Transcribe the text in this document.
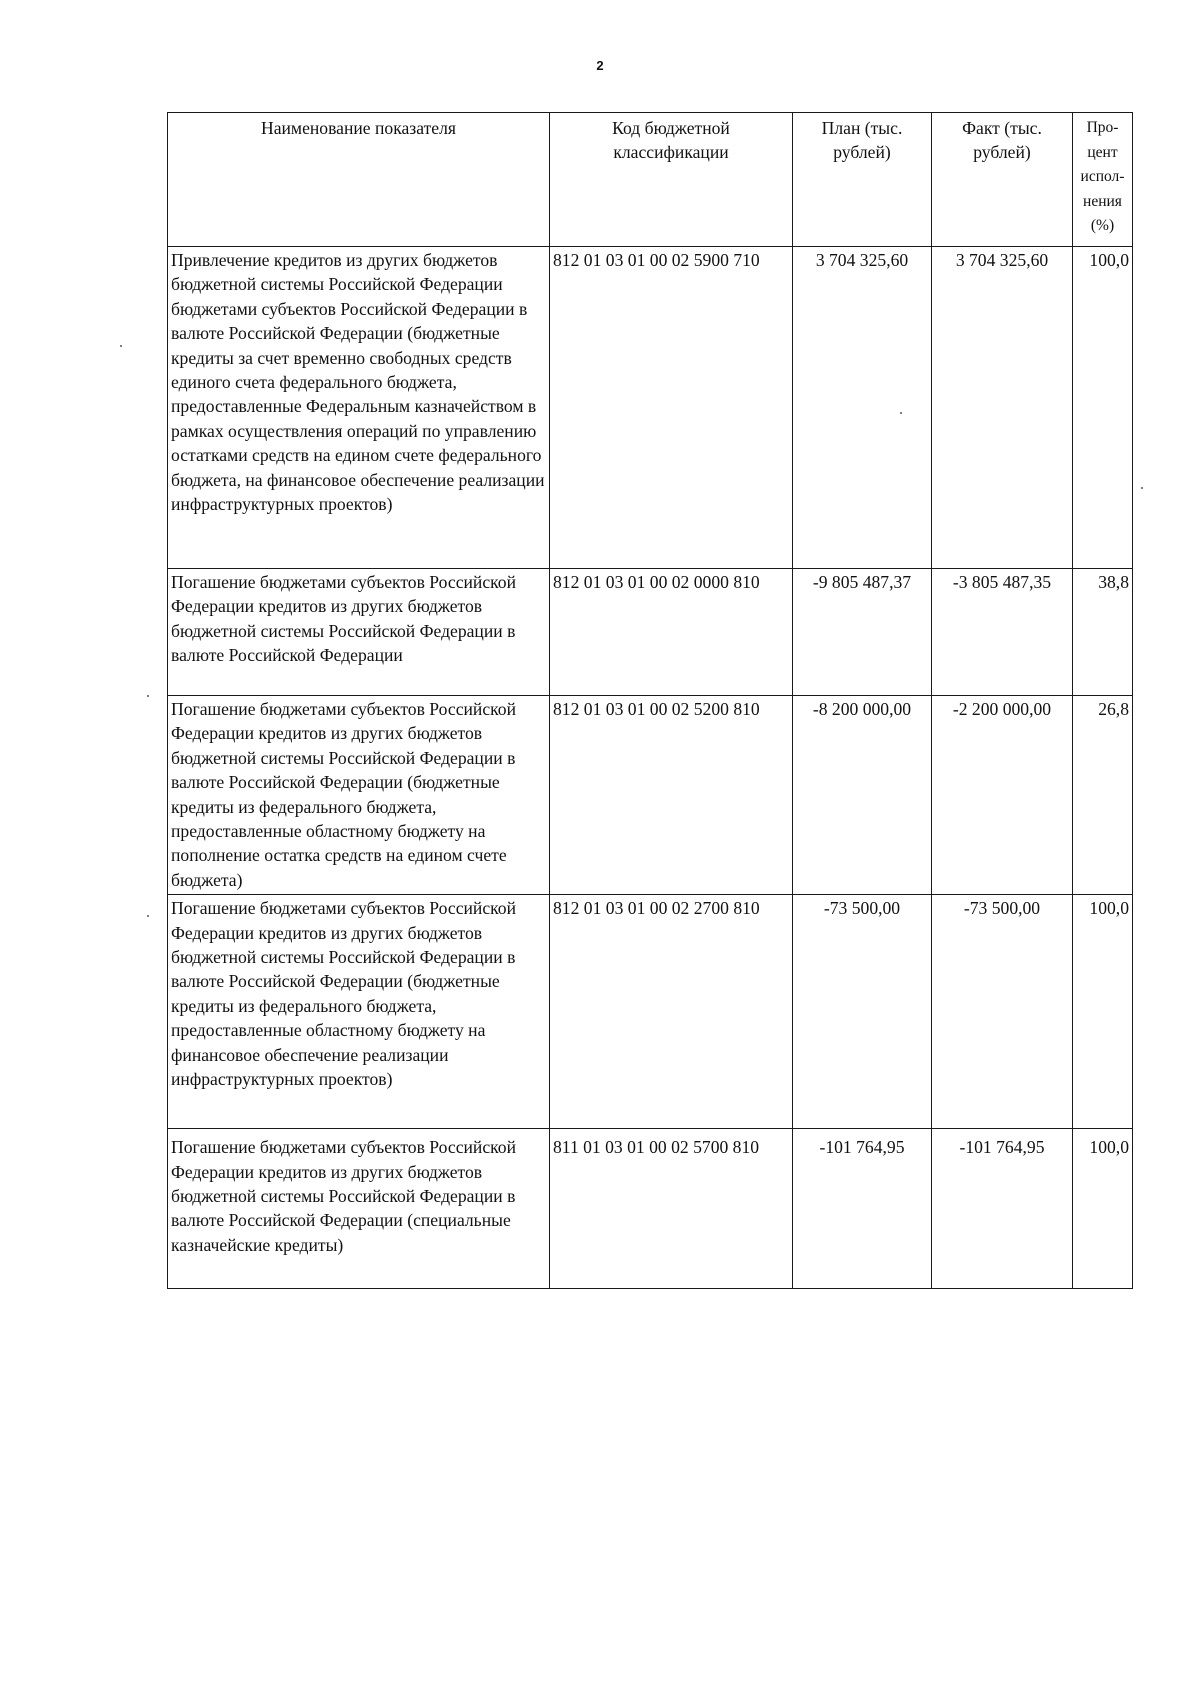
2
Наименование показателя	Код бюджетной классификации	План (тыс. рублей)	Факт (тыс. рублей)	Про-цент испол-нения (%)
Привлечение кредитов из других бюджетов бюджетной системы Российской Федерации бюджетами субъектов Российской Федерации в валюте Российской Федерации (бюджетные кредиты за счет временно свободных средств единого счета федерального бюджета, предоставленные Федеральным казначейством в рамках осуществления операций по управлению остатками средств на едином счете федерального бюджета, на финансовое обеспечение реализации инфраструктурных проектов)	812 01 03 01 00 02 5900 710	3 704 325,60	3 704 325,60	100,0
Погашение бюджетами субъектов Российской Федерации кредитов из других бюджетов бюджетной системы Российской Федерации в валюте Российской Федерации	812 01 03 01 00 02 0000 810	-9 805 487,37	-3 805 487,35	38,8
Погашение бюджетами субъектов Российской Федерации кредитов из других бюджетов бюджетной системы Российской Федерации в валюте Российской Федерации (бюджетные кредиты из федерального бюджета, предоставленные областному бюджету на пополнение остатка средств на едином счете бюджета)	812 01 03 01 00 02 5200 810	-8 200 000,00	-2 200 000,00	26,8
Погашение бюджетами субъектов Российской Федерации кредитов из других бюджетов бюджетной системы Российской Федерации в валюте Российской Федерации (бюджетные кредиты из федерального бюджета, предоставленные областному бюджету на финансовое обеспечение реализации инфраструктурных проектов)	812 01 03 01 00 02 2700 810	-73 500,00	-73 500,00	100,0
Погашение бюджетами субъектов Российской Федерации кредитов из других бюджетов бюджетной системы Российской Федерации в валюте Российской Федерации (специальные казначейские кредиты)	811 01 03 01 00 02 5700 810	-101 764,95	-101 764,95	100,0
